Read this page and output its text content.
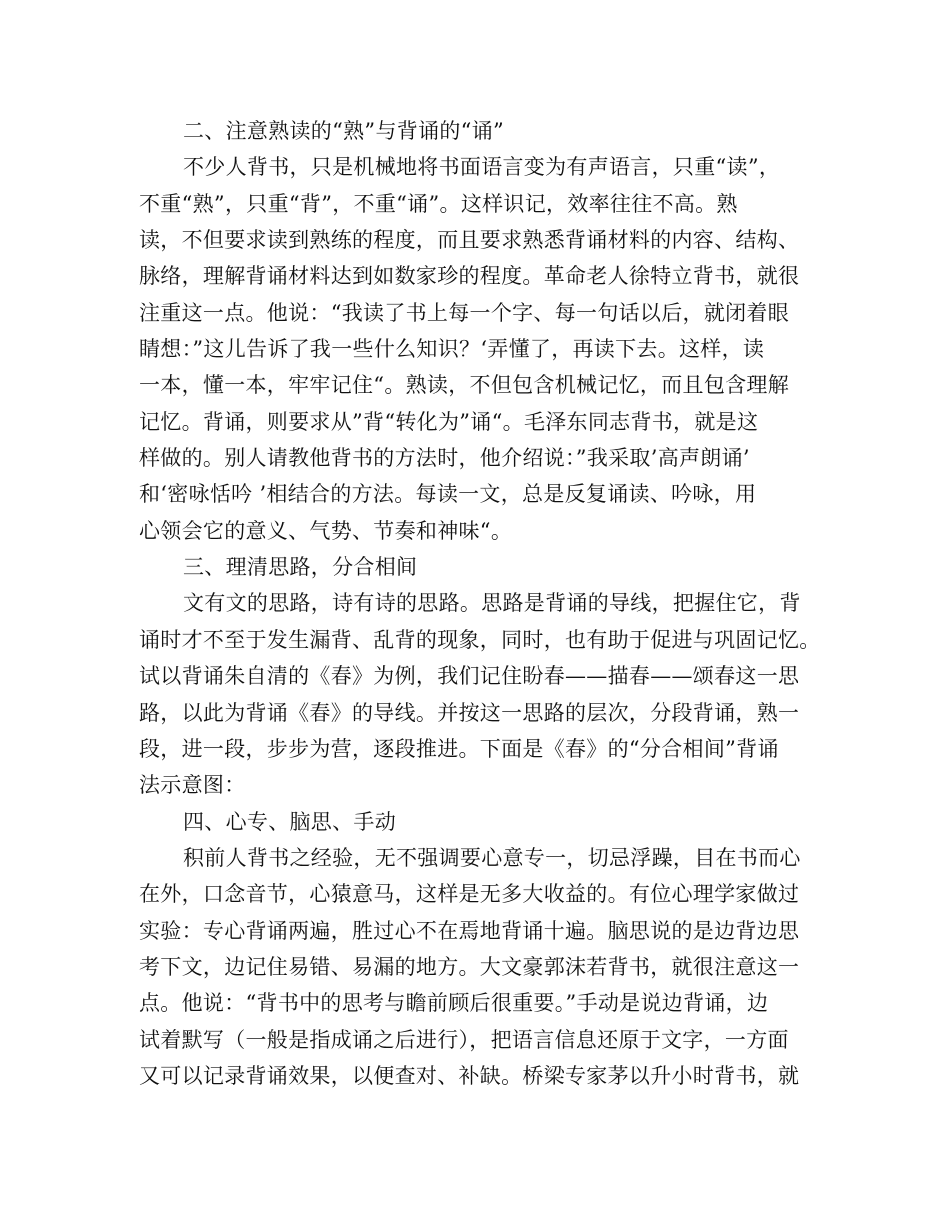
二、注意熟读的“熟”与背诵的“诵”
不少人背书，只是机械地将书面语言变为有声语言，只重“读”，
不重“熟”，只重“背”，不重“诵”。这样识记，效率往往不高。熟
读，不但要求读到熟练的程度，而且要求熟悉背诵材料的内容、结构、
脉络，理解背诵材料达到如数家珍的程度。革命老人徐特立背书，就很
注重这一点。他说：“我读了书上每一个字、每一句话以后，就闭着眼
睛想：”这儿告诉了我一些什么知识？‘弄懂了，再读下去。这样，读
一本，懂一本，牢牢记住“。熟读，不但包含机械记忆，而且包含理解
记忆。背诵，则要求从”背“转化为”诵“。毛泽东同志背书，就是这
样做的。别人请教他背书的方法时，他介绍说：”我采取’高声朗诵’
和‘密咏恬吟 ’相结合的方法。每读一文，总是反复诵读、吟咏，用
心领会它的意义、气势、节奏和神味“。
三、理清思路，分合相间
文有文的思路，诗有诗的思路。思路是背诵的导线，把握住它，背
诵时才不至于发生漏背、乱背的现象，同时，也有助于促进与巩固记忆。
试以背诵朱自清的《春》为例，我们记住盼春——描春——颂春这一思
路，以此为背诵《春》的导线。并按这一思路的层次，分段背诵，熟一
段，进一段，步步为营，逐段推进。下面是《春》的“分合相间”背诵
法示意图：
四、心专、脑思、手动
积前人背书之经验，无不强调要心意专一，切忌浮躁，目在书而心
在外，口念音节，心猿意马，这样是无多大收益的。有位心理学家做过
实验：专心背诵两遍，胜过心不在焉地背诵十遍。脑思说的是边背边思
考下文，边记住易错、易漏的地方。大文豪郭沫若背书，就很注意这一
点。他说：“背书中的思考与瞻前顾后很重要。”手动是说边背诵，边
试着默写（一般是指成诵之后进行），把语言信息还原于文字，一方面
又可以记录背诵效果，以便查对、补缺。桥梁专家茅以升小时背书，就
